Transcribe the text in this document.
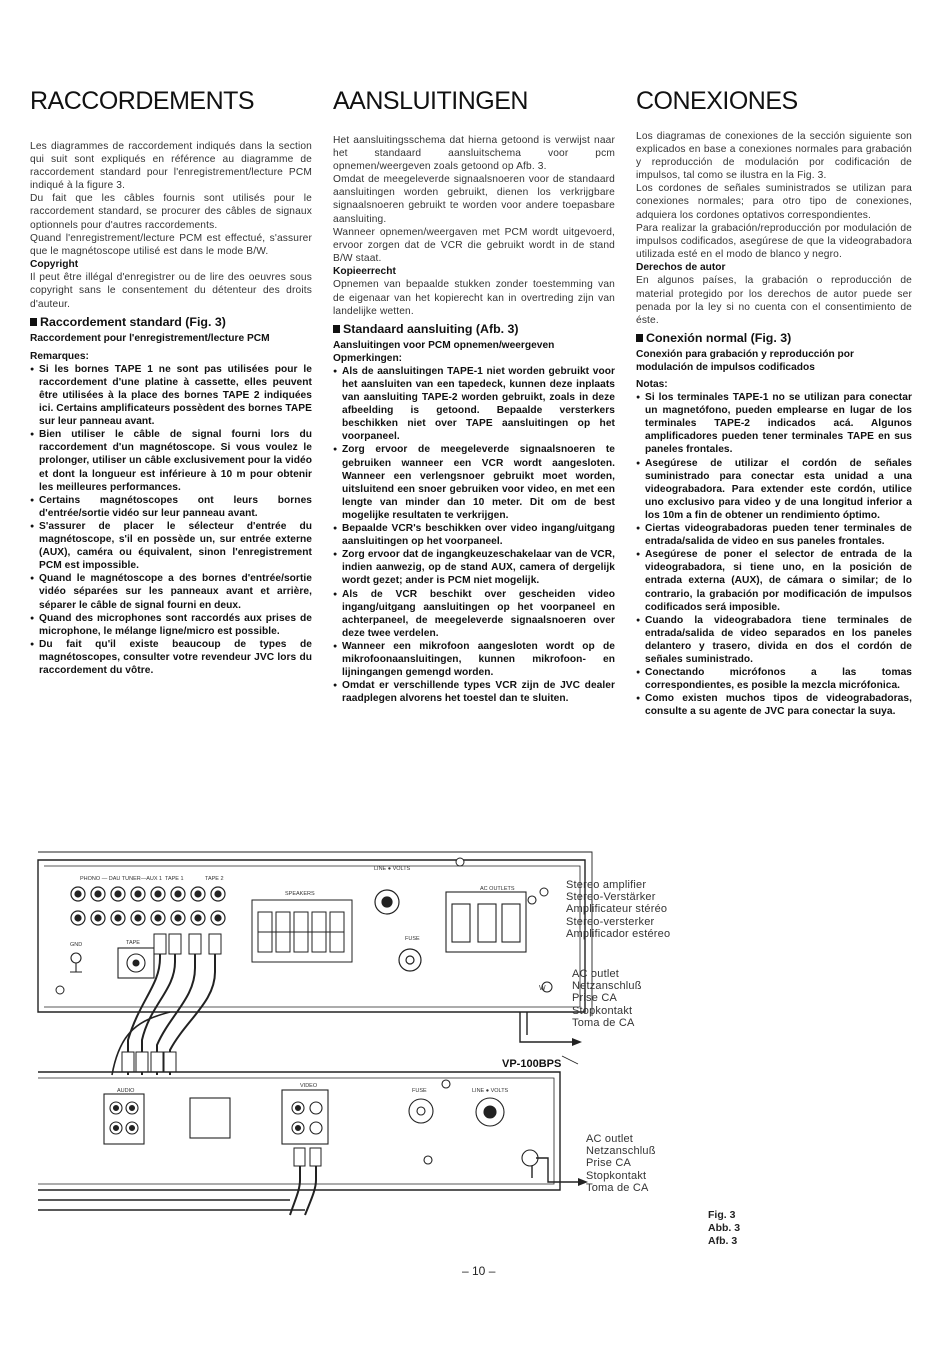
RACCORDEMENTS

Les diagrammes de raccordement indiqués dans la section qui suit sont expliqués en référence au diagramme de raccordement standard pour l'enregistrement/lecture PCM indiqué à la figure 3.

Du fait que les câbles fournis sont utilisés pour le raccordement standard, se procurer des câbles de signaux optionnels pour d'autres raccordements.

Quand l'enregistrement/lecture PCM est effectué, s'assurer que le magnétoscope utilisé est dans le mode B/W.

Copyright

Il peut être illégal d'enregistrer ou de lire des oeuvres sous copyright sans le consentement du détenteur des droits d'auteur.

Raccordement standard (Fig. 3)

Raccordement pour l'enregistrement/lecture PCM

Remarques:

● Si les bornes TAPE 1 ne sont pas utilisées pour le raccordement d'une platine à cassette, elles peuvent être utilisées à la place des bornes TAPE 2 indiquées ici. Certains amplificateurs possèdent des bornes TAPE sur leur panneau avant.
● Bien utiliser le câble de signal fourni lors du raccordement d'un magnétoscope. Si vous voulez le prolonger, utiliser un câble exclusivement pour la vidéo et dont la longueur est inférieure à 10 m pour obtenir les meilleures performances.
● Certains magnétoscopes ont leurs bornes d'entrée/sortie vidéo sur leur panneau avant.
● S'assurer de placer le sélecteur d'entrée du magnétoscope, s'il en possède un, sur entrée externe (AUX), caméra ou équivalent, sinon l'enregistrement PCM est impossible.
● Quand le magnétoscope a des bornes d'entrée/sortie vidéo séparées sur les panneaux avant et arrière, séparer le câble de signal fourni en deux.
● Quand des microphones sont raccordés aux prises de microphone, le mélange ligne/micro est possible.
● Du fait qu'il existe beaucoup de types de magnétoscopes, consulter votre revendeur JVC lors du raccordement du vôtre.
AANSLUITINGEN

Het aansluitingsschema dat hierna getoond is verwijst naar het standaard aansluitschema voor pcm opnemen/weergeven zoals getoond op Afb. 3.

Omdat de meegeleverde signaalsnoeren voor de standaard aansluitingen worden gebruikt, dienen los verkrijgbare signaalsnoeren gebruikt te worden voor andere toepasbare aansluiting.

Wanneer opnemen/weergaven met PCM wordt uitgevoerd, ervoor zorgen dat de VCR die gebruikt wordt in de stand B/W staat.

Kopieerrecht

Opnemen van bepaalde stukken zonder toestemming van de eigenaar van het kopierecht kan in overtreding zijn van landelijke wetten.

Standaard aansluiting (Afb. 3)

Aansluitingen voor PCM opnemen/weergeven

Opmerkingen:

● Als de aansluitingen TAPE-1 niet worden gebruikt voor het aansluiten van een tapedeck, kunnen deze inplaats van aansluiting TAPE-2 worden gebruikt, zoals in deze afbeelding is getoond. Bepaalde versterkers beschikken niet over TAPE aansluitingen op het voorpaneel.
● Zorg ervoor de meegeleverde signaalsnoeren te gebruiken wanneer een VCR wordt aangesloten. Wanneer een verlengsnoer gebruikt moet worden, uitsluitend een snoer gebruiken voor video, en met een lengte van minder dan 10 meter. Dit om de best mogelijke resultaten te verkrijgen.
● Bepaalde VCR's beschikken over video ingang/uitgang aansluitingen op het voorpaneel.
● Zorg ervoor dat de ingangkeuzeschakelaar van de VCR, indien aanwezig, op de stand AUX, camera of dergelijk wordt gezet; ander is PCM niet mogelijk.
● Als de VCR beschikt over gescheiden video ingang/uitgang aansluitingen op het voorpaneel en achterpaneel, de meegeleverde signaalsnoeren over deze twee verdelen.
● Wanneer een mikrofoon aangesloten wordt op de mikrofoonaansluitingen, kunnen mikrofoon- en lijningangen gemengd worden.
● Omdat er verschillende types VCR zijn de JVC dealer raadplegen alvorens het toestel dan te sluiten.
CONEXIONES

Los diagramas de conexiones de la sección siguiente son explicados en base a conexiones normales para grabación y reproducción de modulación por codificación de impulsos, tal como se ilustra en la Fig. 3.

Los cordones de señales suministrados se utilizan para conexiones normales; para otro tipo de conexiones, adquiera los cordones optativos correspondientes.

Para realizar la grabación/reproducción por modulación de impulsos codificados, asegúrese de que la videograbadora utilizada esté en el modo de blanco y negro.

Derechos de autor

En algunos países, la grabación o reproducción de material protegido por los derechos de autor puede ser penada por la ley si no cuenta con el consentimiento de éste.

Conexión normal (Fig. 3)

Conexión para grabación y reproducción por modulación de impulsos codificados

Notas:

● Si los terminales TAPE-1 no se utilizan para conectar un magnetófono, pueden emplearse en lugar de los terminales TAPE-2 indicados acá. Algunos amplificadores pueden tener terminales TAPE en sus paneles frontales.
● Asegúrese de utilizar el cordón de señales suministrado para conectar esta unidad a una videograbadora. Para extender este cordón, utilice uno exclusivo para video y de una longitud inferior a los 10m a fin de obtener un rendimiento óptimo.
● Ciertas videograbadoras pueden tener terminales de entrada/salida de video en sus paneles frontales.
● Asegúrese de poner el selector de entrada de la videograbadora, si tiene uno, en la posición de entrada externa (AUX), de cámara o similar; de lo contrario, la grabación por modificación de impulsos codificados será imposible.
● Cuando la videograbadora tiene terminales de entrada/salida de video separados en los paneles delantero y trasero, divida en dos el cordón de señales suministrado.
● Conectando micrófonos a las tomas correspondientes, es posible la mezcla micrófonica.
● Como existen muchos tipos de videograbadoras, consulte a su agente de JVC para conectar la suya.
PHONO — DAU TUNER—AUX 1 TAPE 1	TAPE 2
SPEAKERS
LINE ● VOLTS
AC OUTLETS
GND	TAPE
FUSE
AUDIO
VIDEO
FUSE	LINE ● VOLTS
W
Stereo amplifier
Stereo-Verstärker
Amplificateur stéréo
Stereo-versterker
Amplificador estéreo
AC outlet
Netzanschluß
Prise CA
Stopkontakt
Toma de CA
VP-100BPS
AC outlet
Netzanschluß
Prise CA
Stopkontakt
Toma de CA
Fig. 3
Abb. 3
Afb. 3
– 10 –
